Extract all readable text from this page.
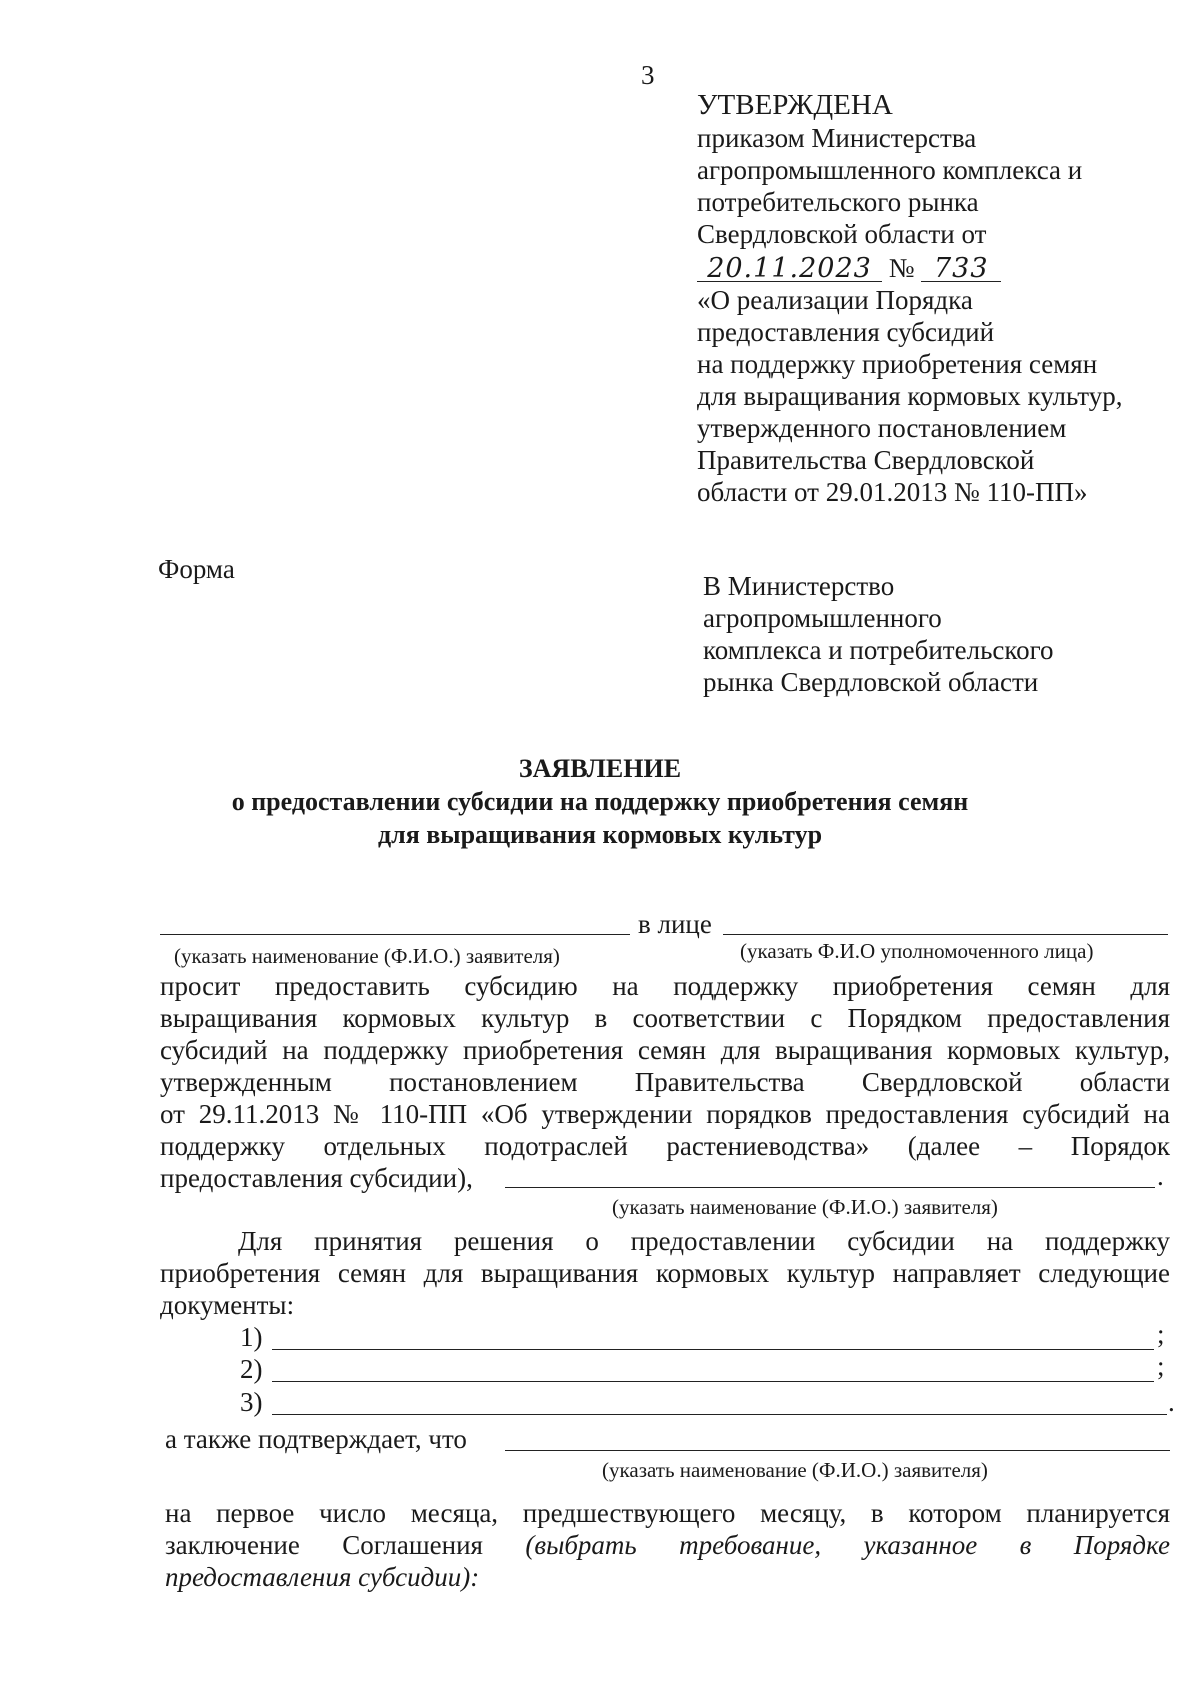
3
УТВЕРЖДЕНА
приказом Министерства
агропромышленного комплекса и
потребительского рынка
Свердловской области от
20.11.2023 № 733
«О реализации Порядка
предоставления субсидий
на поддержку приобретения семян
для выращивания кормовых культур,
утвержденного постановлением
Правительства Свердловской
области от 29.01.2013 № 110-ПП»
Форма
В Министерство
агропромышленного
комплекса и потребительского
рынка Свердловской области
ЗАЯВЛЕНИЕ
о предоставлении субсидии на поддержку приобретения семян
для выращивания кормовых культур
в лице
(указать наименование (Ф.И.О.) заявителя)	(указать Ф.И.О уполномоченного лица)
просит предоставить субсидию на поддержку приобретения семян для
выращивания кормовых культур в соответствии с Порядком предоставления
субсидий на поддержку приобретения семян для выращивания кормовых культур,
утвержденным постановлением Правительства Свердловской области
от 29.11.2013 № 110-ПП «Об утверждении порядков предоставления субсидий на
поддержку отдельных подотраслей растениеводства» (далее – Порядок
предоставления субсидии),	.
(указать наименование (Ф.И.О.) заявителя)
Для принятия решения о предоставлении субсидии на поддержку
приобретения семян для выращивания кормовых культур направляет следующие
документы:
1)	;
2)	;
3)	.
а также подтверждает, что
(указать наименование (Ф.И.О.) заявителя)
на первое число месяца, предшествующего месяцу, в котором планируется
заключение Соглашения (выбрать требование, указанное в Порядке
предоставления субсидии):
